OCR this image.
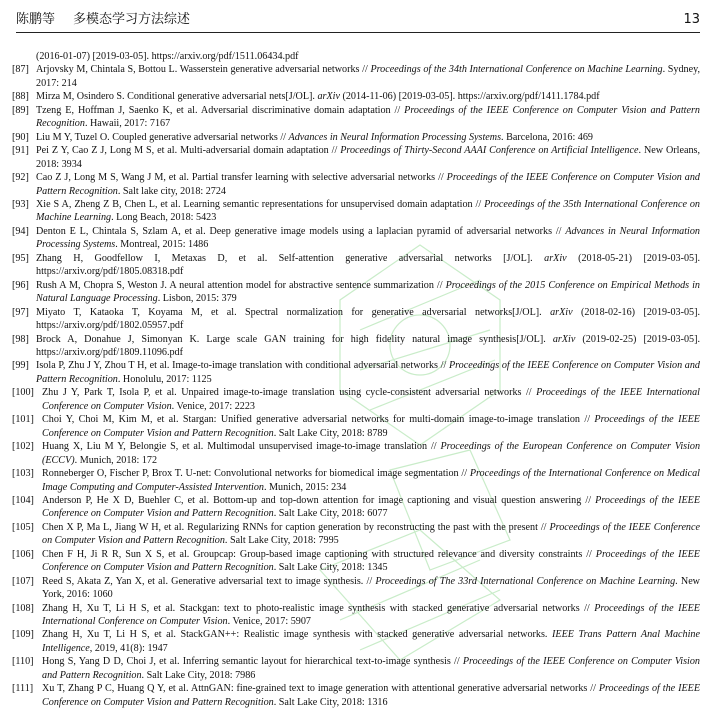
陈鹏等 多模态学习方法综述	13
(2016-01-07) [2019-03-05]. https://arxiv.org/pdf/1511.06434.pdf
[87] Arjovsky M, Chintala S, Bottou L. Wasserstein generative adversarial networks // Proceedings of the 34th International Conference on Machine Learning. Sydney, 2017: 214
[88] Mirza M, Osindero S. Conditional generative adversarial nets[J/OL]. arXiv (2014-11-06) [2019-03-05]. https://arxiv.org/pdf/1411.1784.pdf
[89] Tzeng E, Hoffman J, Saenko K, et al. Adversarial discriminative domain adaptation // Proceedings of the IEEE Conference on Computer Vision and Pattern Recognition. Hawaii, 2017: 7167
[90] Liu M Y, Tuzel O. Coupled generative adversarial networks // Advances in Neural Information Processing Systems. Barcelona, 2016: 469
[91] Pei Z Y, Cao Z J, Long M S, et al. Multi-adversarial domain adaptation // Proceedings of Thirty-Second AAAI Conference on Artificial Intelligence. New Orleans, 2018: 3934
[92] Cao Z J, Long M S, Wang J M, et al. Partial transfer learning with selective adversarial networks // Proceedings of the IEEE Conference on Computer Vision and Pattern Recognition. Salt lake city, 2018: 2724
[93] Xie S A, Zheng Z B, Chen L, et al. Learning semantic representations for unsupervised domain adaptation // Proceedings of the 35th International Conference on Machine Learning. Long Beach, 2018: 5423
[94] Denton E L, Chintala S, Szlam A, et al. Deep generative image models using a laplacian pyramid of adversarial networks // Advances in Neural Information Processing Systems. Montreal, 2015: 1486
[95] Zhang H, Goodfellow I, Metaxas D, et al. Self-attention generative adversarial networks [J/OL]. arXiv (2018-05-21) [2019-03-05]. https://arxiv.org/pdf/1805.08318.pdf
[96] Rush A M, Chopra S, Weston J. A neural attention model for abstractive sentence summarization // Proceedings of the 2015 Conference on Empirical Methods in Natural Language Processing. Lisbon, 2015: 379
[97] Miyato T, Kataoka T, Koyama M, et al. Spectral normalization for generative adversarial networks[J/OL]. arXiv (2018-02-16) [2019-03-05]. https://arxiv.org/pdf/1802.05957.pdf
[98] Brock A, Donahue J, Simonyan K. Large scale GAN training for high fidelity natural image synthesis[J/OL]. arXiv (2019-02-25) [2019-03-05]. https://arxiv.org/pdf/1809.11096.pdf
[99] Isola P, Zhu J Y, Zhou T H, et al. Image-to-image translation with conditional adversarial networks // Proceedings of the IEEE Conference on Computer Vision and Pattern Recognition. Honolulu, 2017: 1125
[100] Zhu J Y, Park T, Isola P, et al. Unpaired image-to-image translation using cycle-consistent adversarial networks // Proceedings of the IEEE International Conference on Computer Vision. Venice, 2017: 2223
[101] Choi Y, Choi M, Kim M, et al. Stargan: Unified generative adversarial networks for multi-domain image-to-image translation // Proceedings of the IEEE Conference on Computer Vision and Pattern Recognition. Salt Lake City, 2018: 8789
[102] Huang X, Liu M Y, Belongie S, et al. Multimodal unsupervised image-to-image translation // Proceedings of the European Conference on Computer Vision (ECCV). Munich, 2018: 172
[103] Ronneberger O, Fischer P, Brox T. U-net: Convolutional networks for biomedical image segmentation // Proceedings of the International Conference on Medical Image Computing and Computer-Assisted Intervention. Munich, 2015: 234
[104] Anderson P, He X D, Buehler C, et al. Bottom-up and top-down attention for image captioning and visual question answering // Proceedings of the IEEE Conference on Computer Vision and Pattern Recognition. Salt Lake City, 2018: 6077
[105] Chen X P, Ma L, Jiang W H, et al. Regularizing RNNs for caption generation by reconstructing the past with the present // Proceedings of the IEEE Conference on Computer Vision and Pattern Recognition. Salt Lake City, 2018: 7995
[106] Chen F H, Ji R R, Sun X S, et al. Groupcap: Group-based image captioning with structured relevance and diversity constraints // Proceedings of the IEEE Conference on Computer Vision and Pattern Recognition. Salt Lake City, 2018: 1345
[107] Reed S, Akata Z, Yan X, et al. Generative adversarial text to image synthesis. // Proceedings of The 33rd International Conference on Machine Learning. New York, 2016: 1060
[108] Zhang H, Xu T, Li H S, et al. Stackgan: text to photo-realistic image synthesis with stacked generative adversarial networks // Proceedings of the IEEE International Conference on Computer Vision. Venice, 2017: 5907
[109] Zhang H, Xu T, Li H S, et al. StackGAN++: Realistic image synthesis with stacked generative adversarial networks. IEEE Trans Pattern Anal Machine Intelligence, 2019, 41(8): 1947
[110] Hong S, Yang D D, Choi J, et al. Inferring semantic layout for hierarchical text-to-image synthesis // Proceedings of the IEEE Conference on Computer Vision and Pattern Recognition. Salt Lake City, 2018: 7986
[111] Xu T, Zhang P C, Huang Q Y, et al. AttnGAN: fine-grained text to image generation with attentional generative adversarial networks // Proceedings of the IEEE Conference on Computer Vision and Pattern Recognition. Salt Lake City, 2018: 1316
